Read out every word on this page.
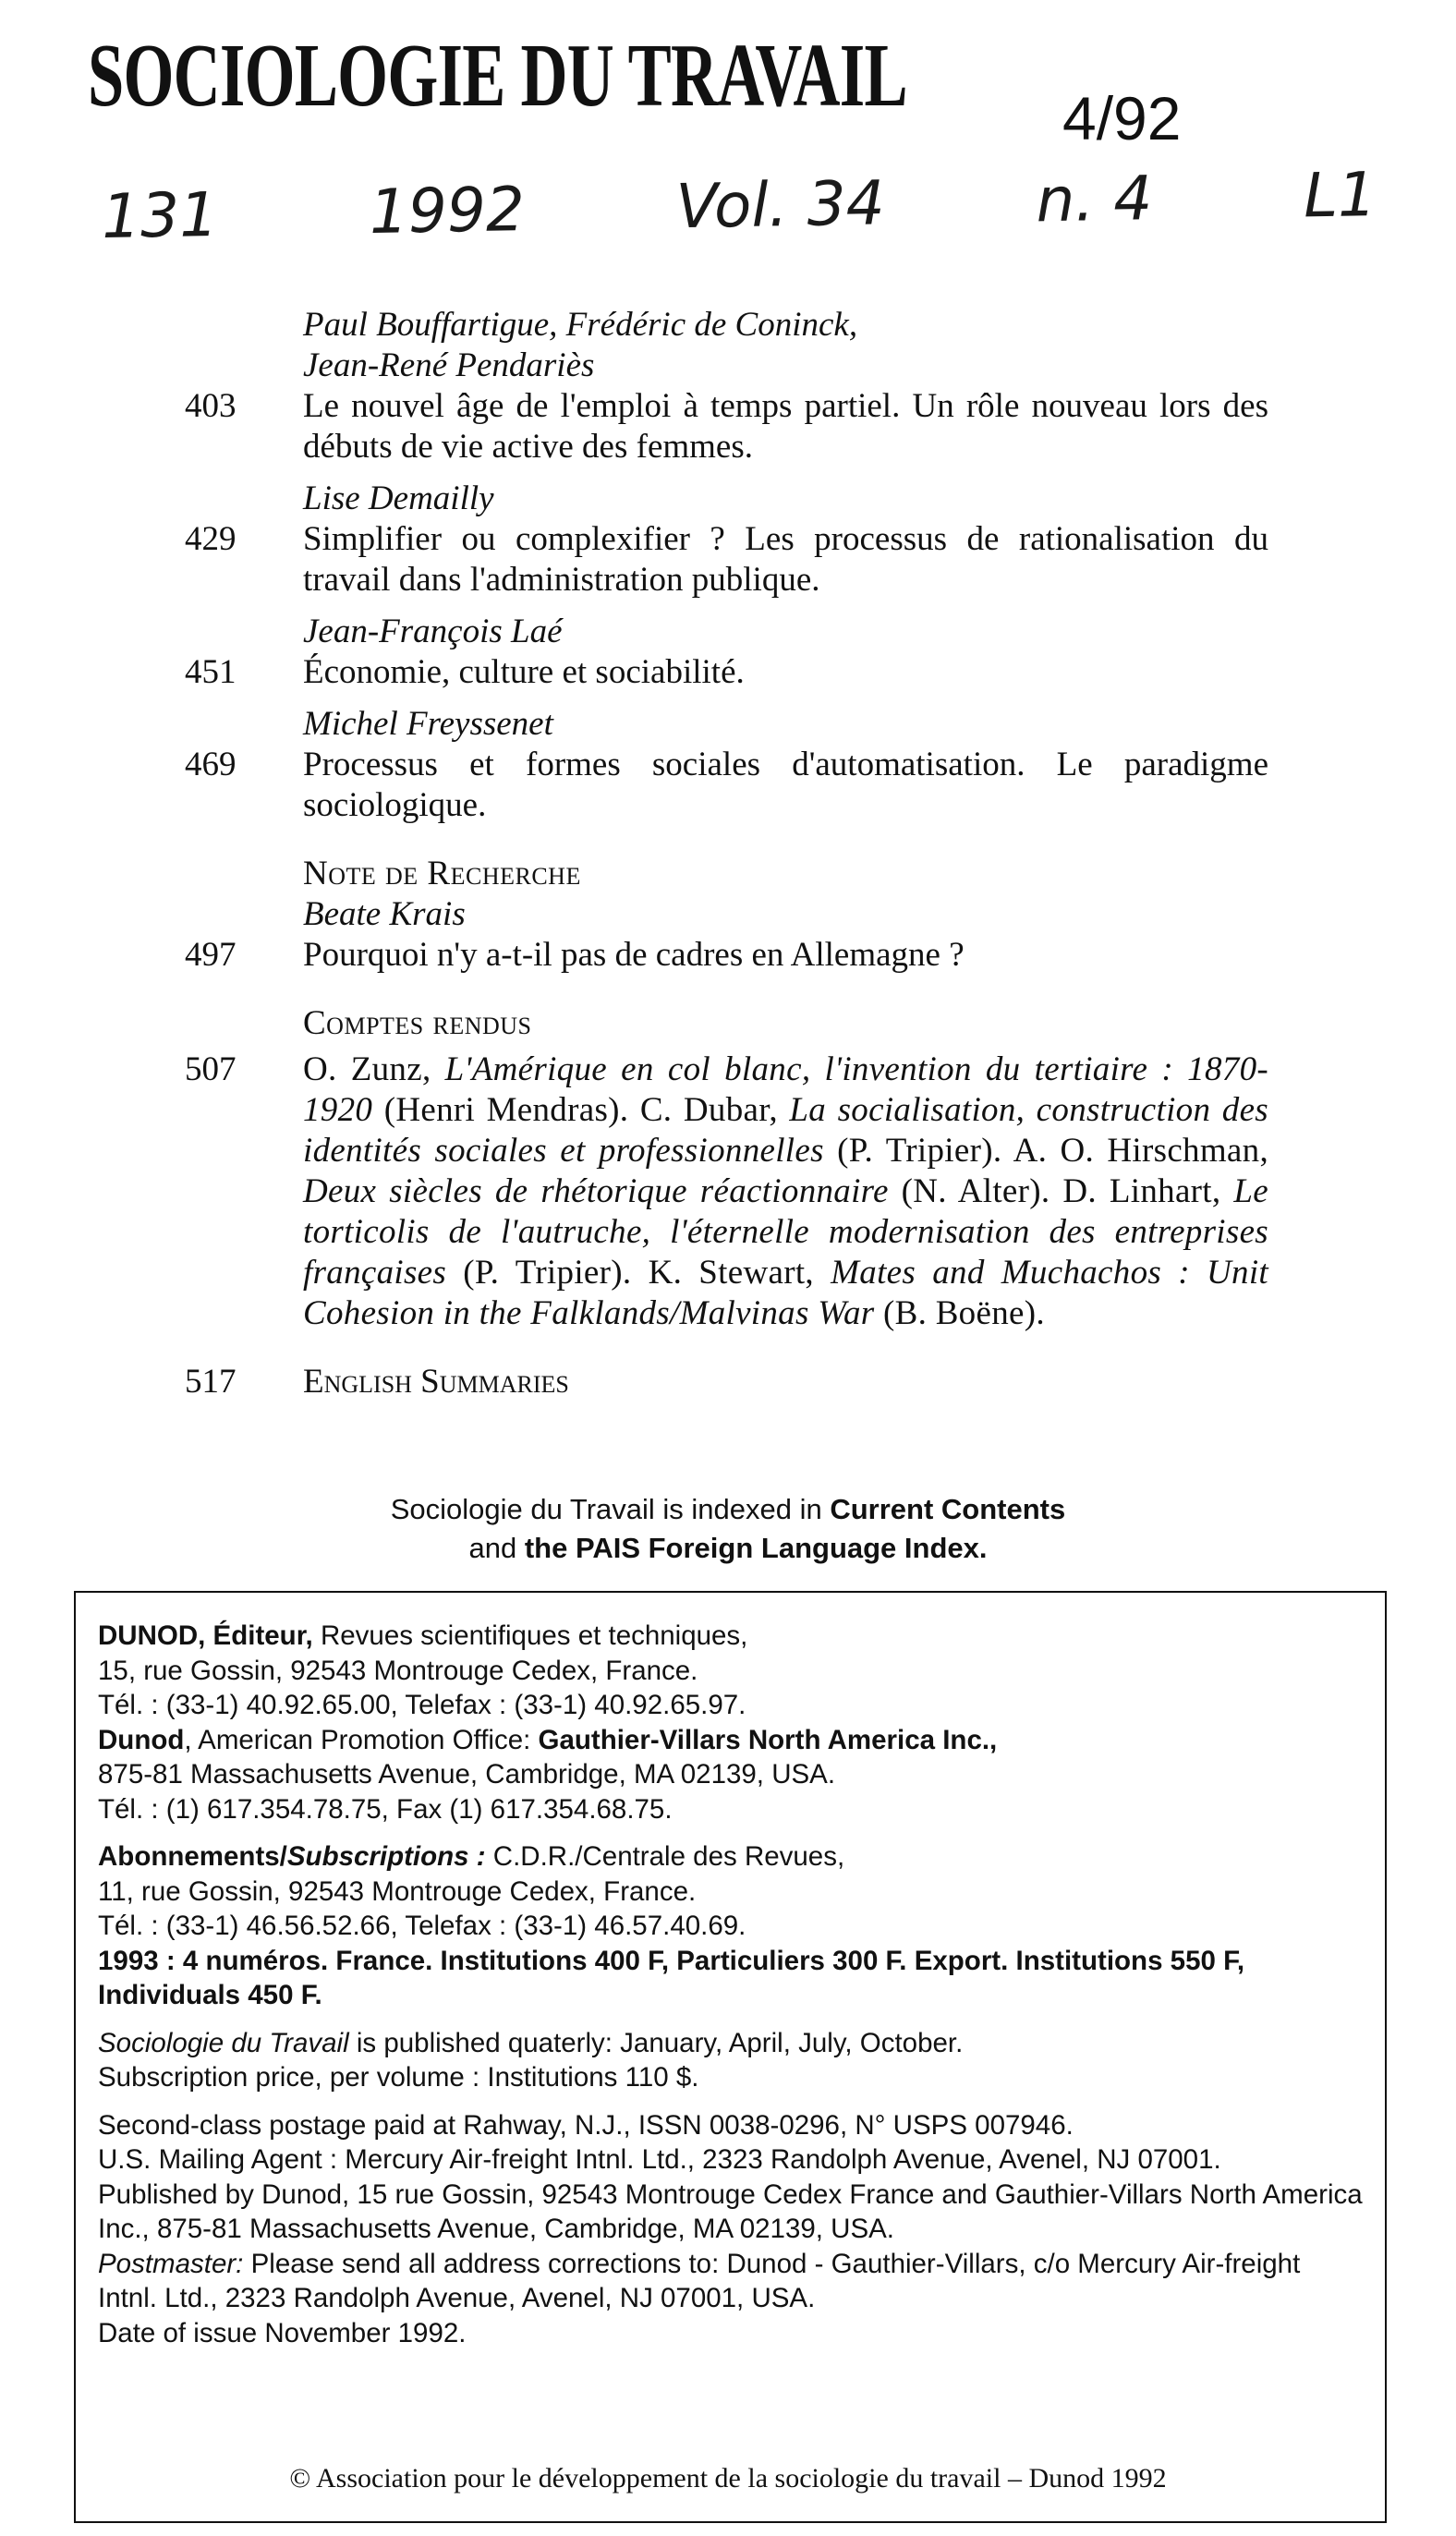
SOCIOLOGIE DU TRAVAIL	4/92
131 1992 Vol. 34 n. 4 L1
Paul Bouffartigue, Frédéric de Coninck,
Jean-René Pendariès
403	Le nouvel âge de l'emploi à temps partiel. Un rôle nouveau lors des débuts de vie active des femmes.
Lise Demailly
429	Simplifier ou complexifier ? Les processus de rationalisation du travail dans l'administration publique.
Jean-François Laé
451	Économie, culture et sociabilité.
Michel Freyssenet
469	Processus et formes sociales d'automatisation. Le paradigme sociologique.
Note de Recherche
Beate Krais
497	Pourquoi n'y a-t-il pas de cadres en Allemagne ?
Comptes rendus
507	O. Zunz, L'Amérique en col blanc, l'invention du tertiaire : 1870-1920 (Henri Mendras). C. Dubar, La socialisation, construction des identités sociales et professionnelles (P. Tripier). A. O. Hirschman, Deux siècles de rhétorique réactionnaire (N. Alter). D. Linhart, Le torticolis de l'autruche, l'éternelle modernisation des entreprises françaises (P. Tripier). K. Stewart, Mates and Muchachos : Unit Cohesion in the Falklands/Malvinas War (B. Boëne).
517	English Summaries
Sociologie du Travail is indexed in Current Contents
and the PAIS Foreign Language Index.
DUNOD, Éditeur, Revues scientifiques et techniques,
15, rue Gossin, 92543 Montrouge Cedex, France.
Tél. : (33-1) 40.92.65.00, Telefax : (33-1) 40.92.65.97.
Dunod, American Promotion Office: Gauthier-Villars North America Inc.,
875-81 Massachusetts Avenue, Cambridge, MA 02139, USA.
Tél. : (1) 617.354.78.75, Fax (1) 617.354.68.75.
Abonnements/Subscriptions : C.D.R./Centrale des Revues,
11, rue Gossin, 92543 Montrouge Cedex, France.
Tél. : (33-1) 46.56.52.66, Telefax : (33-1) 46.57.40.69.
1993 : 4 numéros. France. Institutions 400 F, Particuliers 300 F. Export. Institutions 550 F, Individuals 450 F.
Sociologie du Travail is published quaterly: January, April, July, October.
Subscription price, per volume : Institutions 110 $.
Second-class postage paid at Rahway, N.J., ISSN 0038-0296, N° USPS 007946.
U.S. Mailing Agent : Mercury Air-freight Intnl. Ltd., 2323 Randolph Avenue, Avenel, NJ 07001.
Published by Dunod, 15 rue Gossin, 92543 Montrouge Cedex France and Gauthier-Villars North America Inc., 875-81 Massachusetts Avenue, Cambridge, MA 02139, USA.
Postmaster: Please send all address corrections to: Dunod - Gauthier-Villars, c/o Mercury Air-freight Intnl. Ltd., 2323 Randolph Avenue, Avenel, NJ 07001, USA.
Date of issue November 1992.
© Association pour le développement de la sociologie du travail – Dunod 1992
